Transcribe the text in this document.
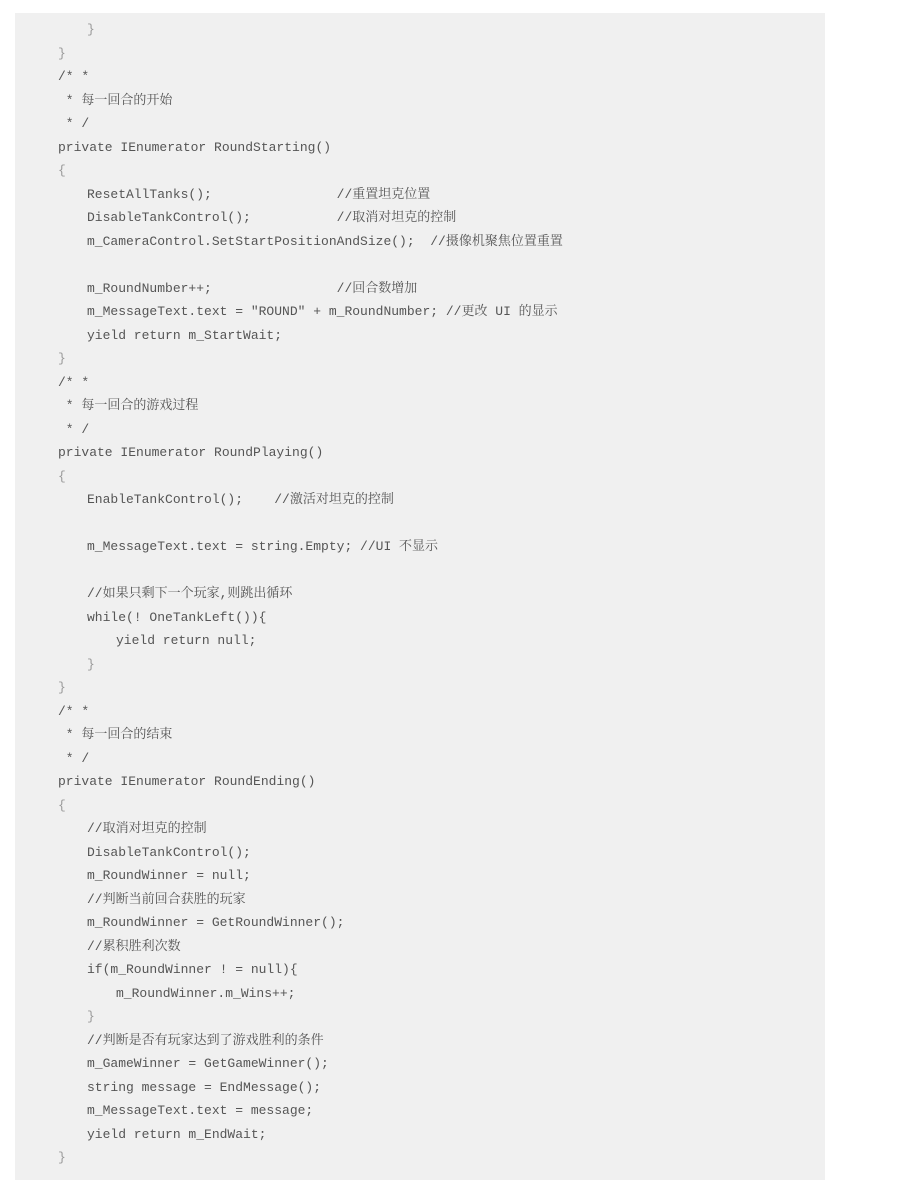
}
}
/* *
* 每一回合的开始
* /
private IEnumerator RoundStarting()
{
ResetAllTanks();                //重置坦克位置
DisableTankControl();           //取消对坦克的控制
m_CameraControl.SetStartPositionAndSize();  //摄像机聚焦位置重置
m_RoundNumber++;                //回合数增加
m_MessageText.text = "ROUND" + m_RoundNumber; //更改 UI 的显示
yield return m_StartWait;
}
/* *
* 每一回合的游戏过程
* /
private IEnumerator RoundPlaying()
{
EnableTankControl();    //激活对坦克的控制
m_MessageText.text = string.Empty; //UI 不显示
//如果只剩下一个玩家,则跳出循环
while(! OneTankLeft()){
yield return null;
}
}
/* *
* 每一回合的结束
* /
private IEnumerator RoundEnding()
{
//取消对坦克的控制
DisableTankControl();
m_RoundWinner = null;
//判断当前回合获胜的玩家
m_RoundWinner = GetRoundWinner();
//累积胜利次数
if(m_RoundWinner ! = null){
m_RoundWinner.m_Wins++;
}
//判断是否有玩家达到了游戏胜利的条件
m_GameWinner = GetGameWinner();
string message = EndMessage();
m_MessageText.text = message;
yield return m_EndWait;
}
